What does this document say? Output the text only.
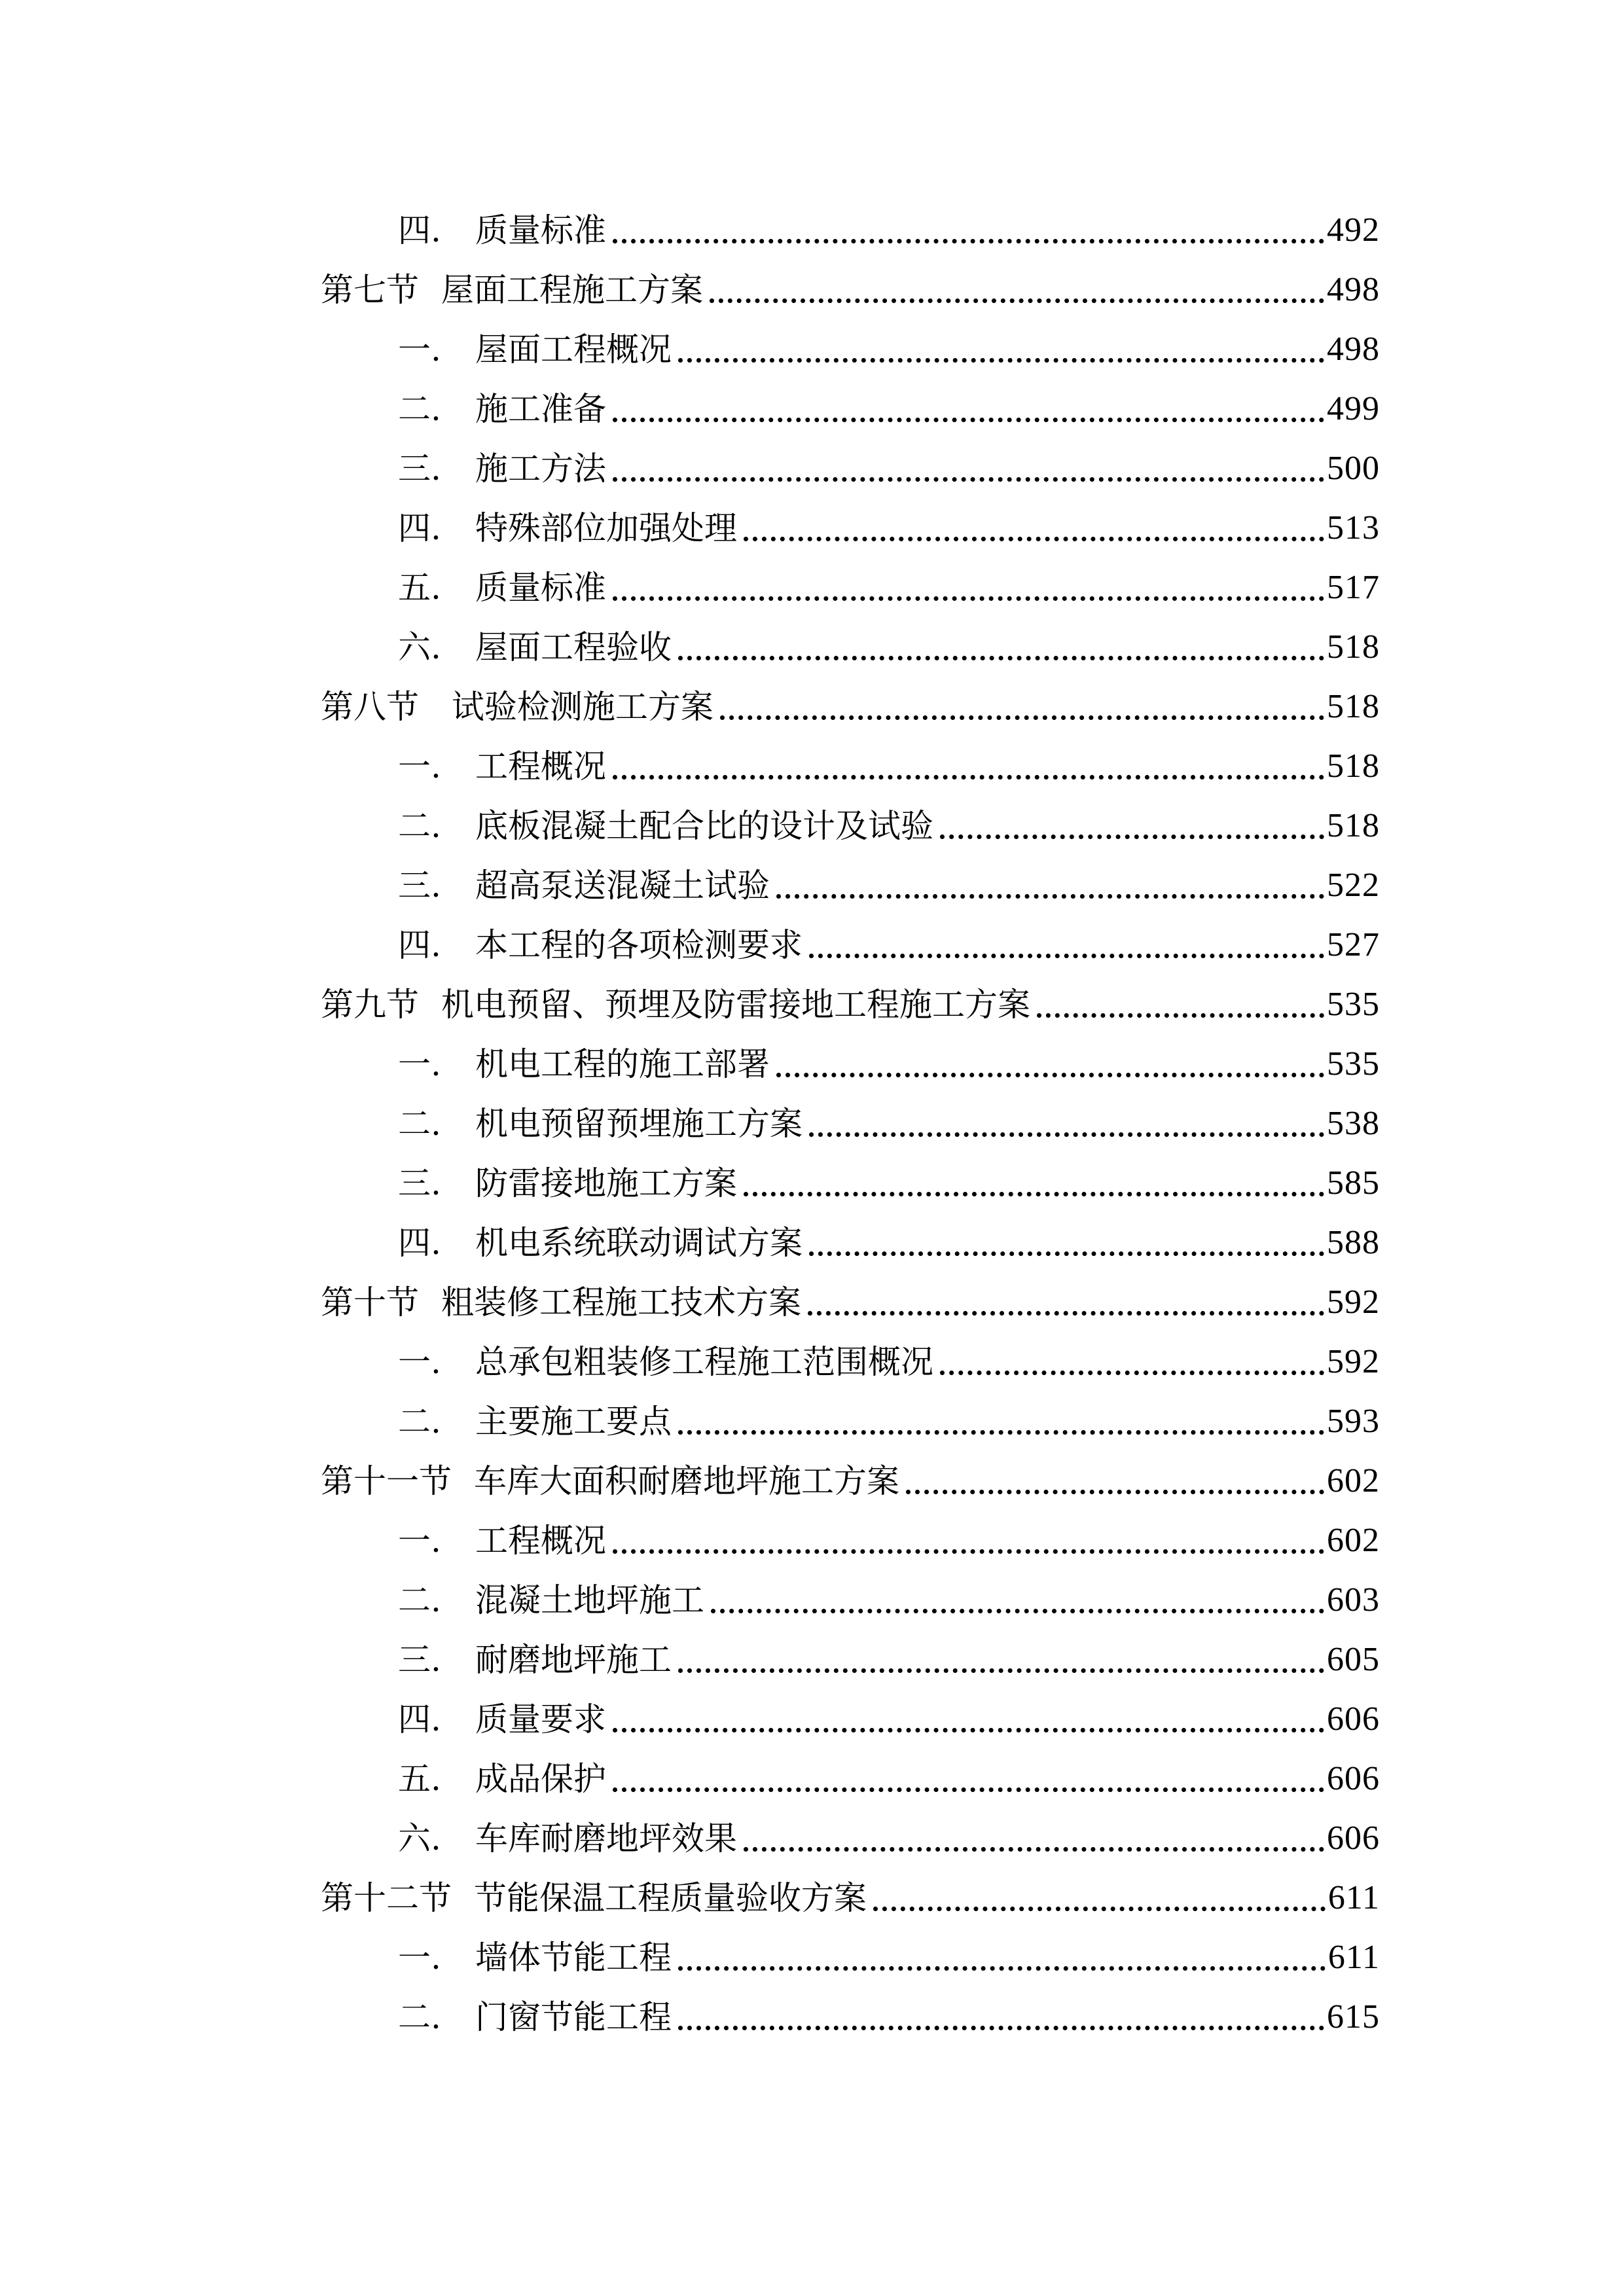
四.	质量标准	492
第七节 屋面工程施工方案	498
一.	屋面工程概况	498
二.	施工准备	499
三.	施工方法	500
四.	特殊部位加强处理	513
五.	质量标准	517
六.	屋面工程验收	518
第八节 试验检测施工方案	518
一.	工程概况	518
二.	底板混凝土配合比的设计及试验	518
三.	超高泵送混凝土试验	522
四.	本工程的各项检测要求	527
第九节 机电预留、预埋及防雷接地工程施工方案	535
一.	机电工程的施工部署	535
二.	机电预留预埋施工方案	538
三.	防雷接地施工方案	585
四.	机电系统联动调试方案	588
第十节 粗装修工程施工技术方案	592
一.	总承包粗装修工程施工范围概况	592
二.	主要施工要点	593
第十一节 车库大面积耐磨地坪施工方案	602
一.	工程概况	602
二.	混凝土地坪施工	603
三.	耐磨地坪施工	605
四.	质量要求	606
五.	成品保护	606
六.	车库耐磨地坪效果	606
第十二节 节能保温工程质量验收方案	611
一.	墙体节能工程	611
二.	门窗节能工程	615
